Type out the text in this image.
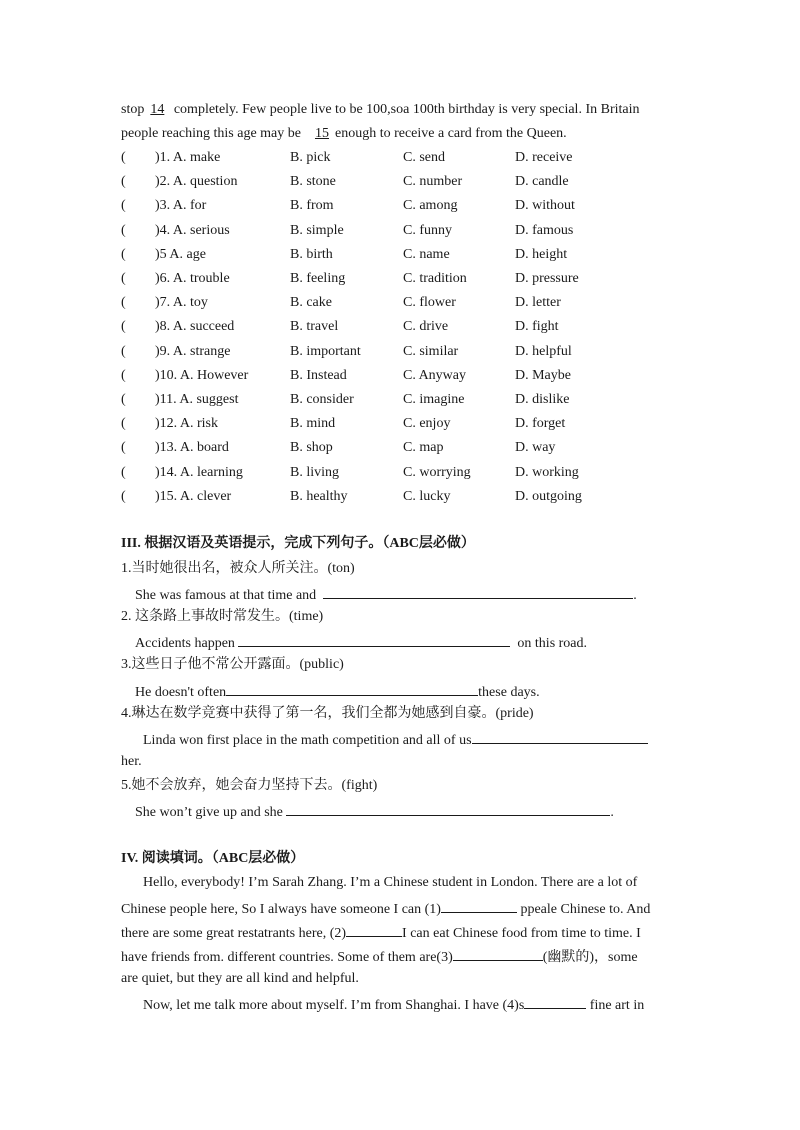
stop 14 completely. Few people live to be 100,soa 100th birthday is very special. In Britain
people reaching this age may be 15 enough to receive a card from the Queen.
( )1. A. make	B. pick	C. send	D. receive
( )2. A. question	B. stone	C. number	D. candle
( )3. A. for	B. from	C. among	D. without
( )4. A. serious	B. simple	C. funny	D. famous
( )5 A. age	B. birth	C. name	D. height
( )6. A. trouble	B. feeling	C. tradition	D. pressure
( )7. A. toy	B. cake	C. flower	D. letter
( )8. A. succeed	B. travel	C. drive	D. fight
( )9. A. strange	B. important	C. similar	D. helpful
( )10. A. However	B. Instead	C. Anyway	D. Maybe
( )11. A. suggest	B. consider	C. imagine	D. dislike
( )12. A. risk	B. mind	C. enjoy	D. forget
( )13. A. board	B. shop	C. map	D. way
( )14. A. learning	B. living	C. worrying	D. working
( )15. A. clever	B. healthy	C. lucky	D. outgoing
III. 根据汉语及英语提示，完成下列句子。（ABC层必做）
1.当时她很出名，被众人所关注。(ton)
She was famous at that time and	.
2. 这条路上事故时常发生。(time)
Accidents happen	on this road.
3.这些日子他不常公开露面。(public)
He doesn't often	these days.
4.琳达在数学竞赛中获得了第一名，我们全都为她感到自豪。(pride)
Linda won first place in the math competition and all of us
her.
5.她不会放弃，她会奋力坚持下去。(fight)
She won’t give up and she	.
IV. 阅读填词。（ABC层必做）
Hello, everybody! I’m Sarah Zhang. I’m a Chinese student in London. There are a lot of
Chinese people here, So I always have someone I can (1)	ppeale Chinese to. And
there are some great restatrants here, (2)	I can eat Chinese food from time to time. I
have friends from. different countries. Some of them are(3)	(幽默的)，some
are quiet, but they are all kind and helpful.
Now, let me talk more about myself. I’m from Shanghai. I have (4)s	fine art in
